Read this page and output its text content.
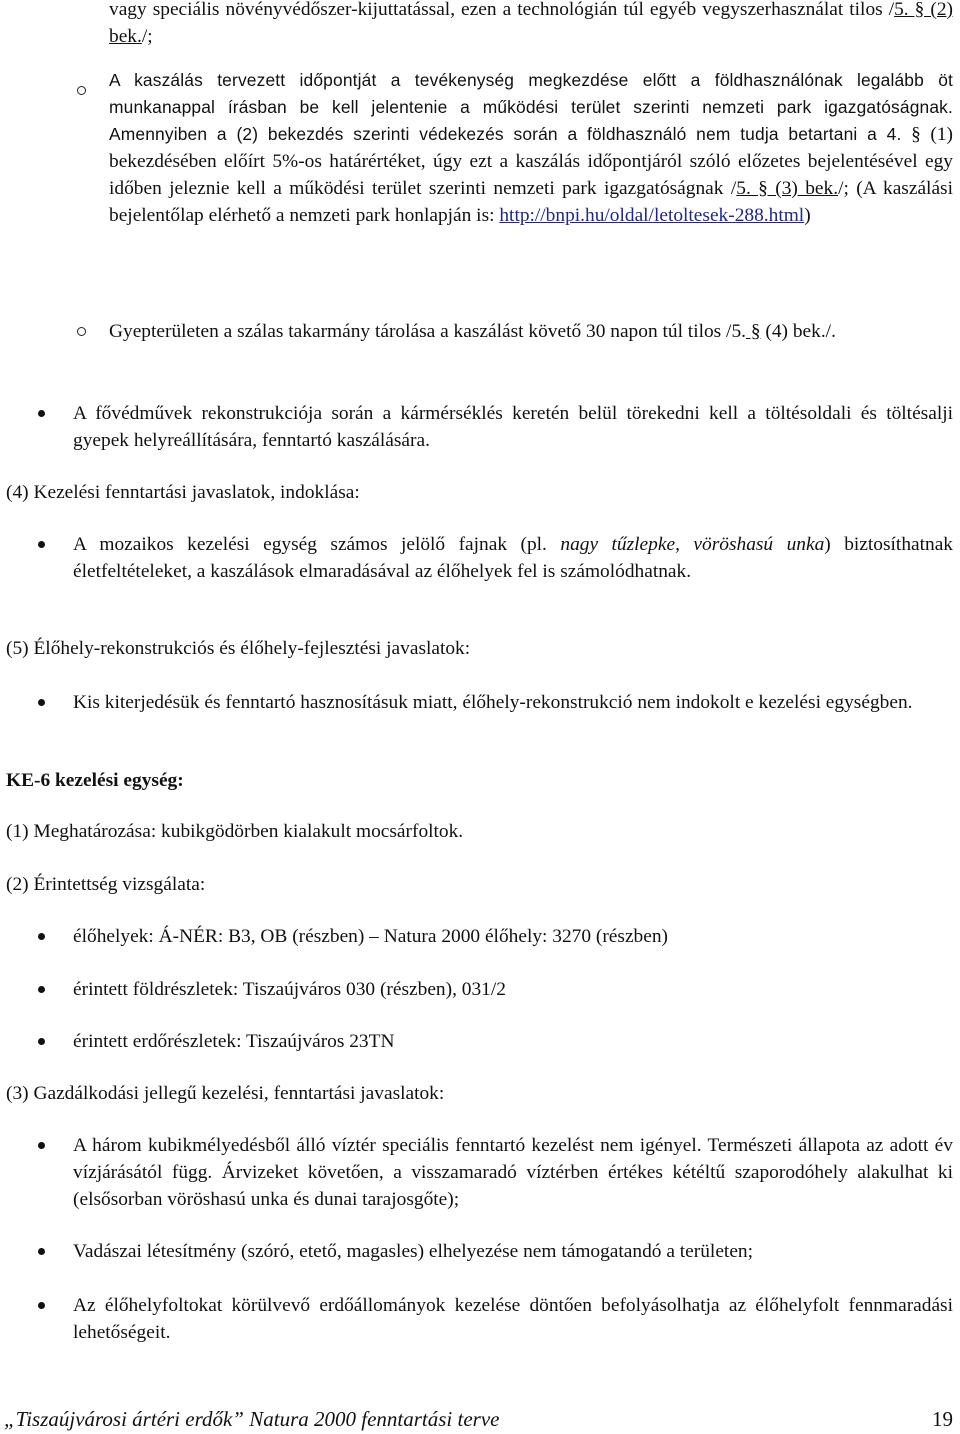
vagy speciális növényvédőszer-kijuttatással, ezen a technológián túl egyéb vegyszerhasználat tilos /5. § (2) bek./;
A kaszálás tervezett időpontját a tevékenység megkezdése előtt a földhasználónak legalább öt munkanappal írásban be kell jelentenie a működési terület szerinti nemzeti park igazgatóságnak. Amennyiben a (2) bekezdés szerinti védekezés során a földhasználó nem tudja betartani a 4. § (1) bekezdésében előírt 5%-os határértéket, úgy ezt a kaszálás időpontjáról szóló előzetes bejelentésével egy időben jeleznie kell a működési terület szerinti nemzeti park igazgatóságnak /5. § (3) bek./; (A kaszálási bejelentőlap elérhető a nemzeti park honlapján is: http://bnpi.hu/oldal/letoltesek-288.html)
Gyepterületen a szálas takarmány tárolása a kaszálást követő 30 napon túl tilos /5. § (4) bek./.
A fővédművek rekonstrukciója során a kármérséklés keretén belül törekedni kell a töltésoldali és töltésalji gyepek helyreállítására, fenntartó kaszálására.
(4) Kezelési fenntartási javaslatok, indoklása:
A mozaikos kezelési egység számos jelölő fajnak (pl. nagy tűzlepke, vöröshasú unka) biztosíthatnak életfeltételeket, a kaszálások elmaradásával az élőhelyek fel is számolódhatnak.
(5) Élőhely-rekonstrukciós és élőhely-fejlesztési javaslatok:
Kis kiterjedésük és fenntartó hasznosításuk miatt, élőhely-rekonstrukció nem indokolt e kezelési egységben.
KE-6 kezelési egység:
(1) Meghatározása: kubikgödörben kialakult mocsárfoltok.
(2) Érintettség vizsgálata:
élőhelyek: Á-NÉR: B3, OB (részben) – Natura 2000 élőhely: 3270 (részben)
érintett földrészletek: Tiszaújváros 030 (részben), 031/2
érintett erdőrészletek: Tiszaújváros 23TN
(3) Gazdálkodási jellegű kezelési, fenntartási javaslatok:
A három kubikmélyedésből álló víztér speciális fenntartó kezelést nem igényel. Természeti állapota az adott év vízjárásától függ. Árvizeket követően, a visszamaradó víztérben értékes kétéltű szaporodóhely alakulhat ki (elsősorban vöröshasú unka és dunai tarajosgőte);
Vadászai létesítmény (szóró, etető, magasles) elhelyezése nem támogatandó a területen;
Az élőhelyfoltokat körülvevő erdőállományok kezelése döntően befolyásolhatja az élőhelyfolt fennmaradási lehetőségeit.
„Tiszaújvárosi ártéri erdők” Natura 2000 fenntartási terve	19
